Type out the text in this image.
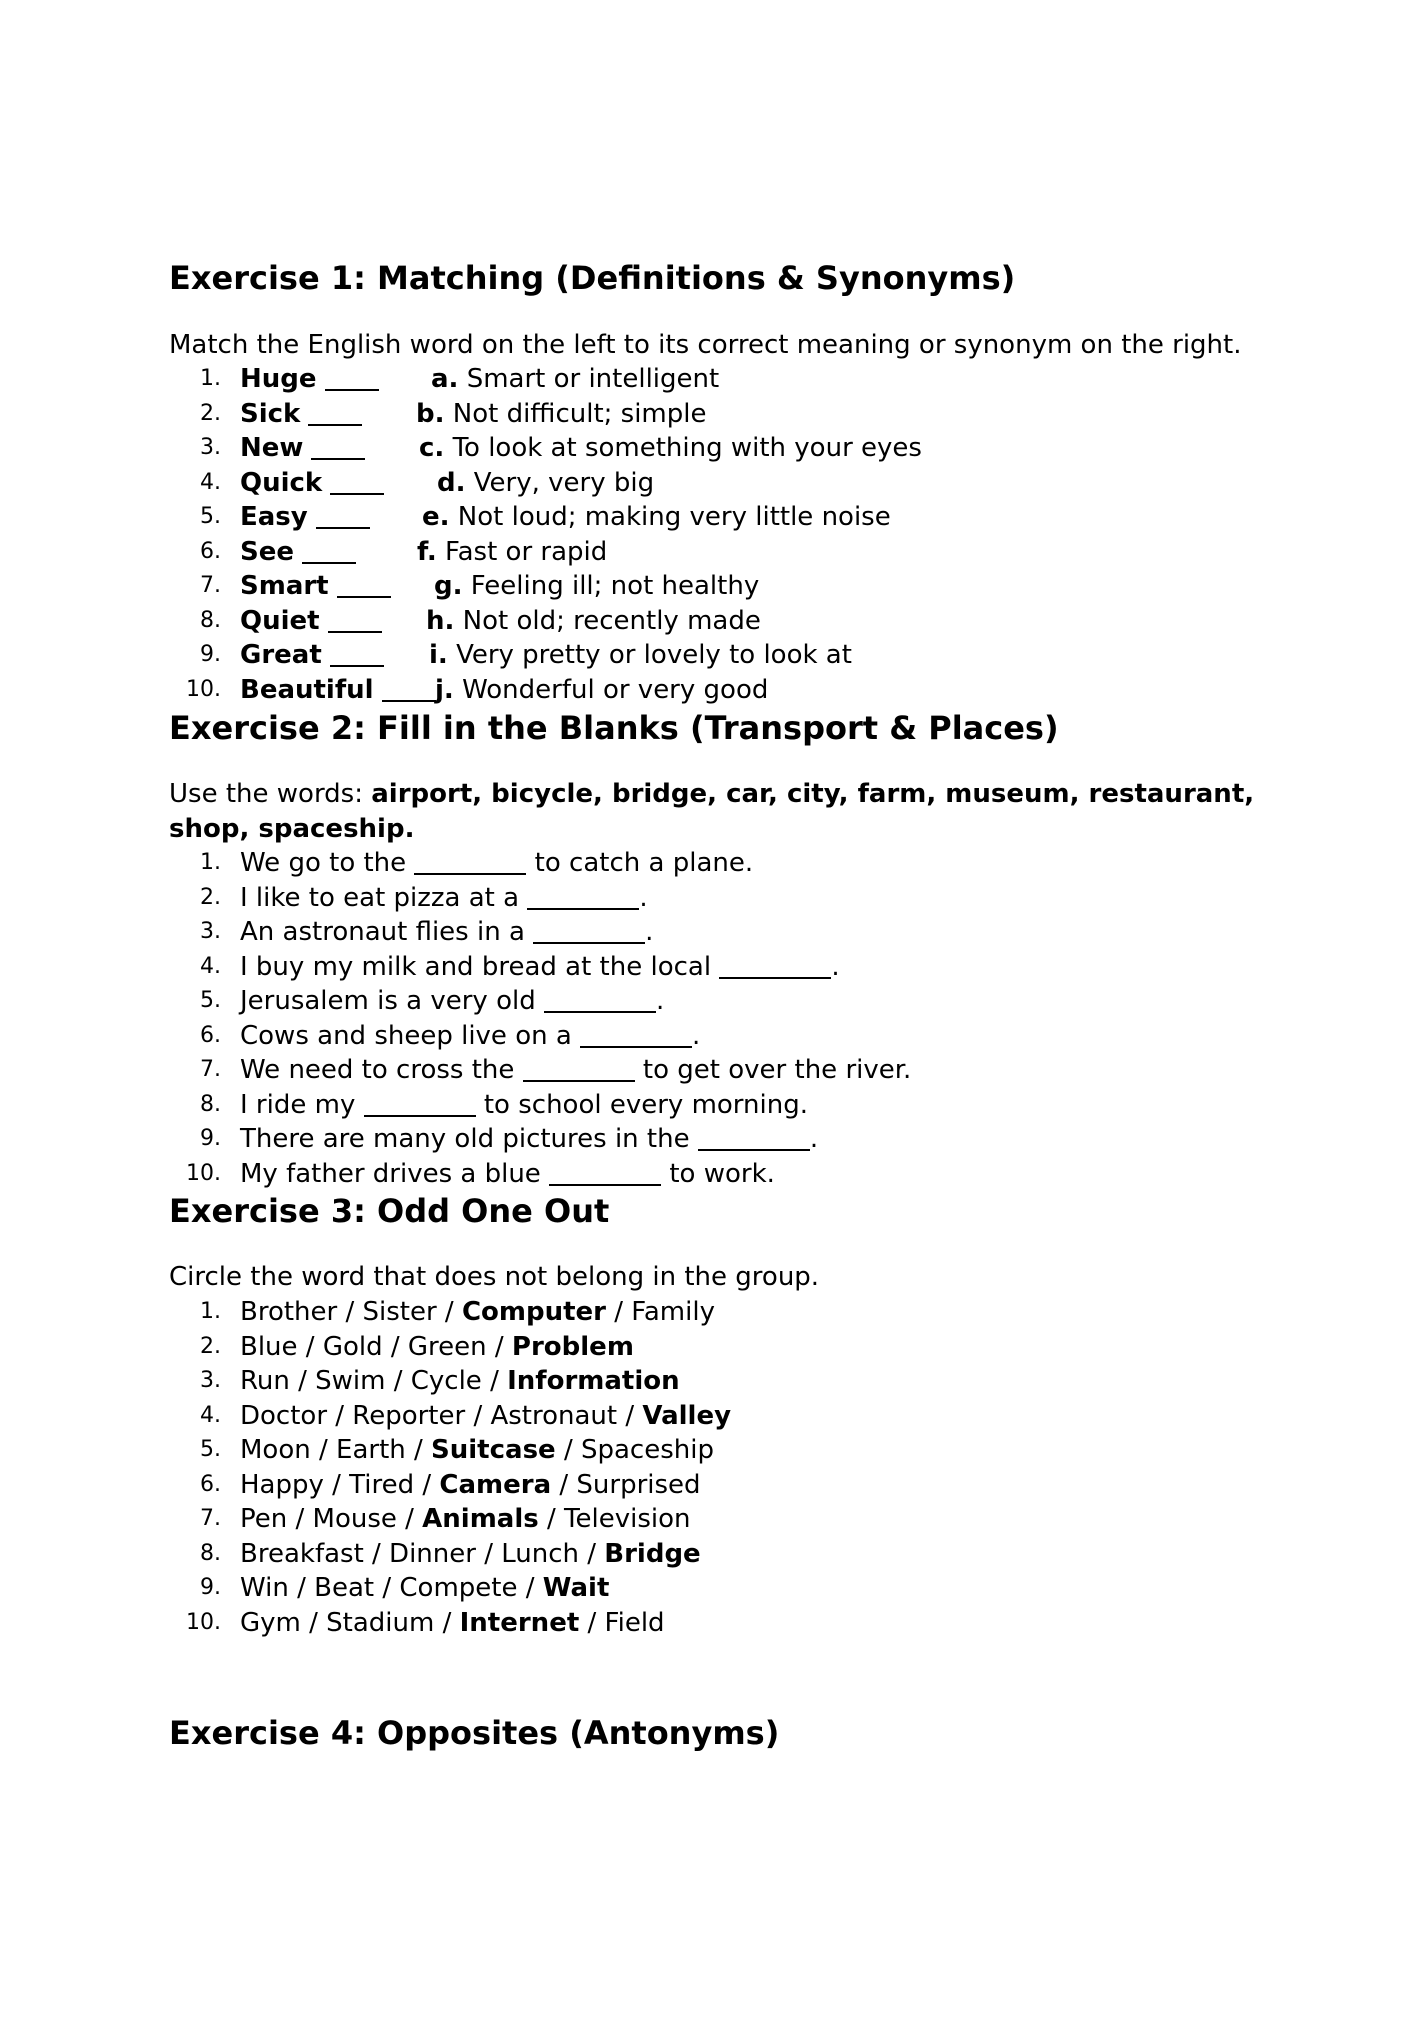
Exercise 1: Matching (Definitions & Synonyms)

Match the English word on the left to its correct meaning or synonym on the right.

1. Huge	a. Smart or intelligent
2. Sick	b. Not difficult; simple
3. New	c. To look at something with your eyes
4. Quick	d. Very, very big
5. Easy	e. Not loud; making very little noise
6. See	f. Fast or rapid
7. Smart	g. Feeling ill; not healthy
8. Quiet	h. Not old; recently made
9. Great	i. Very pretty or lovely to look at
10. Beautiful	j. Wonderful or very good
Exercise 2: Fill in the Blanks (Transport & Places)

Use the words: airport, bicycle, bridge, car, city, farm, museum, restaurant, shop, spaceship.

1. We go to the	to catch a plane.
2. I like to eat pizza at a	.
3. An astronaut flies in a	.
4. I buy my milk and bread at the local	.
5. Jerusalem is a very old	.
6. Cows and sheep live on a	.
7. We need to cross the	to get over the river.
8. I ride my	to school every morning.
9. There are many old pictures in the	.
10. My father drives a blue	to work.
Exercise 3: Odd One Out

Circle the word that does not belong in the group.

1. Brother / Sister / Computer / Family
2. Blue / Gold / Green / Problem
3. Run / Swim / Cycle / Information
4. Doctor / Reporter / Astronaut / Valley
5. Moon / Earth / Suitcase / Spaceship
6. Happy / Tired / Camera / Surprised
7. Pen / Mouse / Animals / Television
8. Breakfast / Dinner / Lunch / Bridge
9. Win / Beat / Compete / Wait
10. Gym / Stadium / Internet / Field
Exercise 4: Opposites (Antonyms)
